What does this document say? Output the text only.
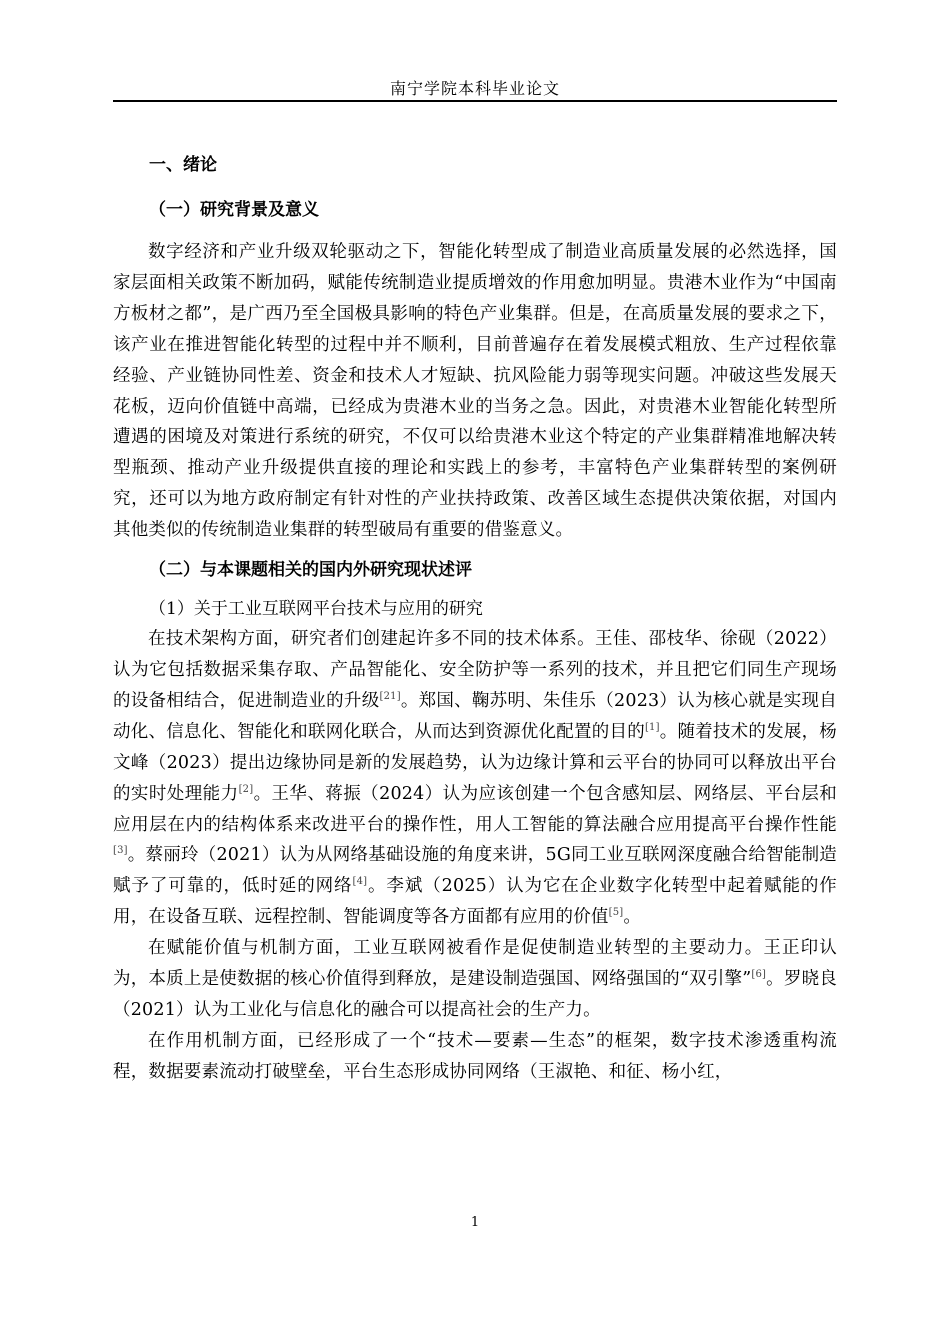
南宁学院本科毕业论文

一、绪论

（一）研究背景及意义

数字经济和产业升级双轮驱动之下，智能化转型成了制造业高质量发展的必然选择，国家层面相关政策不断加码，赋能传统制造业提质增效的作用愈加明显。贵港木业作为“中国南方板材之都”，是广西乃至全国极具影响的特色产业集群。但是，在高质量发展的要求之下，该产业在推进智能化转型的过程中并不顺利，目前普遍存在着发展模式粗放、生产过程依靠经验、产业链协同性差、资金和技术人才短缺、抗风险能力弱等现实问题。冲破这些发展天花板，迈向价值链中高端，已经成为贵港木业的当务之急。因此，对贵港木业智能化转型所遭遇的困境及对策进行系统的研究，不仅可以给贵港木业这个特定的产业集群精准地解决转型瓶颈、推动产业升级提供直接的理论和实践上的参考，丰富特色产业集群转型的案例研究，还可以为地方政府制定有针对性的产业扶持政策、改善区域生态提供决策依据，对国内其他类似的传统制造业集群的转型破局有重要的借鉴意义。

（二）与本课题相关的国内外研究现状述评

（1）关于工业互联网平台技术与应用的研究

在技术架构方面，研究者们创建起许多不同的技术体系。王佳、邵枝华、徐砚（2022）认为它包括数据采集存取、产品智能化、安全防护等一系列的技术，并且把它们同生产现场的设备相结合，促进制造业的升级[21]。郑国、鞠苏明、朱佳乐（2023）认为核心就是实现自动化、信息化、智能化和联网化联合，从而达到资源优化配置的目的[1]。随着技术的发展，杨文峰（2023）提出边缘协同是新的发展趋势，认为边缘计算和云平台的协同可以释放出平台的实时处理能力[2]。王华、蒋振（2024）认为应该创建一个包含感知层、网络层、平台层和应用层在内的结构体系来改进平台的操作性，用人工智能的算法融合应用提高平台操作性能[3]。蔡丽玲（2021）认为从网络基础设施的角度来讲，5G同工业互联网深度融合给智能制造赋予了可靠的，低时延的网络[4]。李斌（2025）认为它在企业数字化转型中起着赋能的作用，在设备互联、远程控制、智能调度等各方面都有应用的价值[5]。

在赋能价值与机制方面，工业互联网被看作是促使制造业转型的主要动力。王正印认为，本质上是使数据的核心价值得到释放，是建设制造强国、网络强国的“双引擎”[6]。罗晓良（2021）认为工业化与信息化的融合可以提高社会的生产力。

在作用机制方面，已经形成了一个“技术—要素—生态”的框架，数字技术渗透重构流程，数据要素流动打破壁垒，平台生态形成协同网络（王淑艳、和征、杨小红，

1
